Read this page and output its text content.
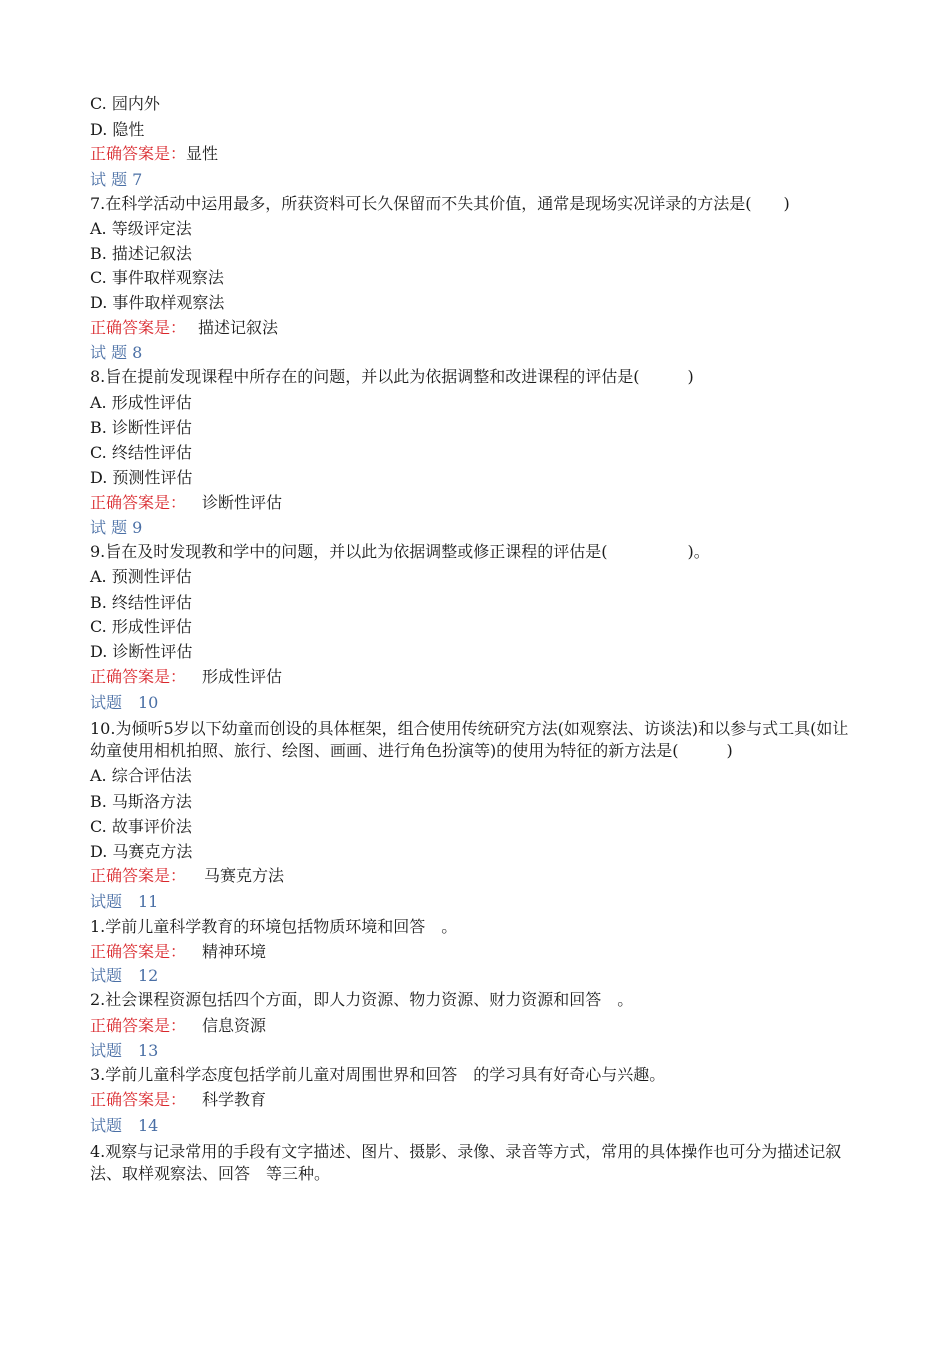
C. 园内外
D. 隐性
正确答案是：显性
试 题 7
7.在科学活动中运用最多，所获资料可长久保留而不失其价值，通常是现场实况详录的方法是(　　)
A. 等级评定法
B. 描述记叙法
C. 事件取样观察法
D. 事件取样观察法
正确答案是： 描述记叙法
试 题 8
8.旨在提前发现课程中所存在的问题，并以此为依据调整和改进课程的评估是(　　　)
A. 形成性评估
B. 诊断性评估
C. 终结性评估
D. 预测性评估
正确答案是： 诊断性评估
试 题 9
9.旨在及时发现教和学中的问题，并以此为依据调整或修正课程的评估是(　　　　　)。
A. 预测性评估
B. 终结性评估
C. 形成性评估
D. 诊断性评估
正确答案是： 形成性评估
试题　10
10.为倾听5岁以下幼童而创设的具体框架，组合使用传统研究方法(如观察法、访谈法)和以参与式工具(如让幼童使用相机拍照、旅行、绘图、画画、进行角色扮演等)的使用为特征的新方法是(　　　)
A. 综合评估法
B. 马斯洛方法
C. 故事评价法
D. 马赛克方法
正确答案是： 马赛克方法
试题　11
1.学前儿童科学教育的环境包括物质环境和回答　。
正确答案是： 精神环境
试题　12
2.社会课程资源包括四个方面，即人力资源、物力资源、财力资源和回答　。
正确答案是： 信息资源
试题　13
3.学前儿童科学态度包括学前儿童对周围世界和回答　的学习具有好奇心与兴趣。
正确答案是： 科学教育
试题　14
4.观察与记录常用的手段有文字描述、图片、摄影、录像、录音等方式，常用的具体操作也可分为描述记叙法、取样观察法、回答　等三种。
